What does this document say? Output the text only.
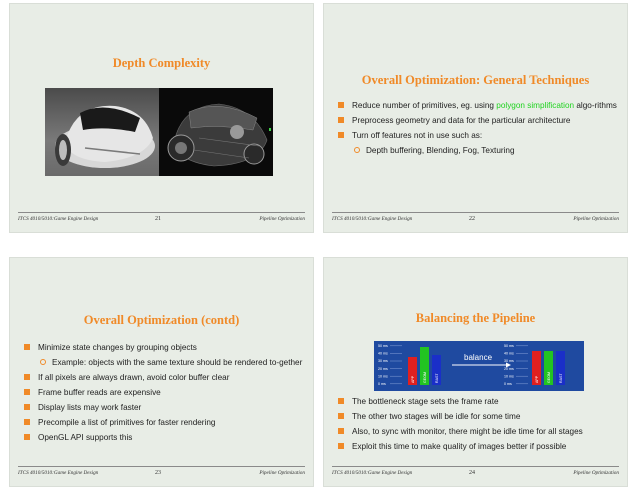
Depth Complexity
ITCS 4010/5010:Game Engine Design	21	Pipeline Optimization
Overall Optimization: General Techniques
Reduce number of primitives, eg. using polygon simplification algo-rithms
Preprocess geometry and data for the particular architecture
Turn off features not in use such as:
Depth buffering, Blending, Fog, Texturing
ITCS 4010/5010:Game Engine Design	22	Pipeline Optimization
Overall Optimization (contd)
Minimize state changes by grouping objects
Example: objects with the same texture should be rendered to-gether
If all pixels are always drawn, avoid color buffer clear
Frame buffer reads are expensive
Display lists may work faster
Precompile a list of primitives for faster rendering
OpenGL API supports this
ITCS 4010/5010:Game Engine Design	23	Pipeline Optimization
Balancing the Pipeline
50 ms
40 ms
30 ms
20 ms
10 ms
0 ms
50 ms
40 ms
30 ms
20 ms
10 ms
0 ms
APP GEOM RAST	APP GEOM RAST
balance
The bottleneck stage sets the frame rate
The other two stages will be idle for some time
Also, to sync with monitor, there might be idle time for all stages
Exploit this time to make quality of images better if possible
ITCS 4010/5010:Game Engine Design	24	Pipeline Optimization
